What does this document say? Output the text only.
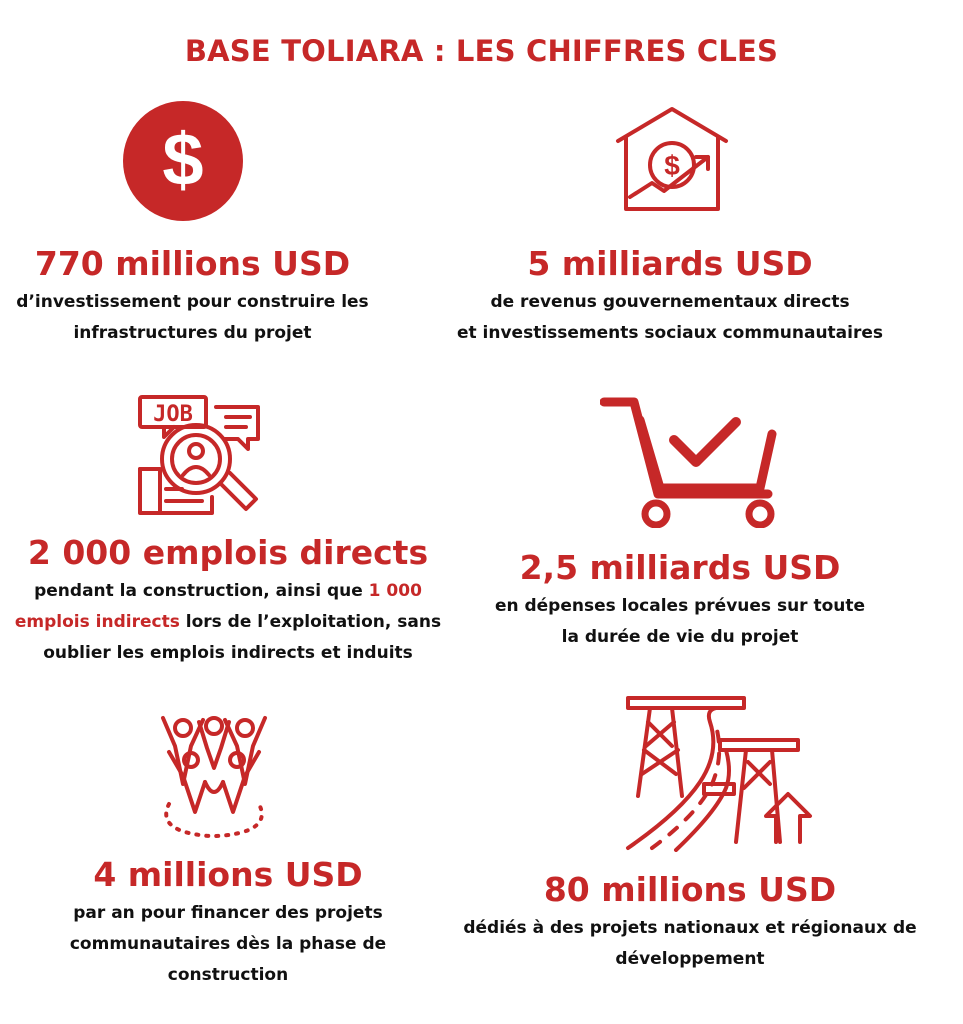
BASE TOLIARA : LES CHIFFRES CLES
$
770 millions USD
d’investissement pour construire les
infrastructures du projet
$
5 milliards USD
de revenus gouvernementaux directs
et investissements sociaux communautaires
JOB
2 000 emplois directs
pendant la construction, ainsi que 1 000
emplois indirects lors de l’exploitation, sans
oublier les emplois indirects et induits
2,5 milliards USD
en dépenses locales prévues sur toute
la durée de vie du projet
4 millions USD
par an pour financer des projets
communautaires dès la phase de
construction
80 millions USD
dédiés à des projets nationaux et régionaux de
développement
